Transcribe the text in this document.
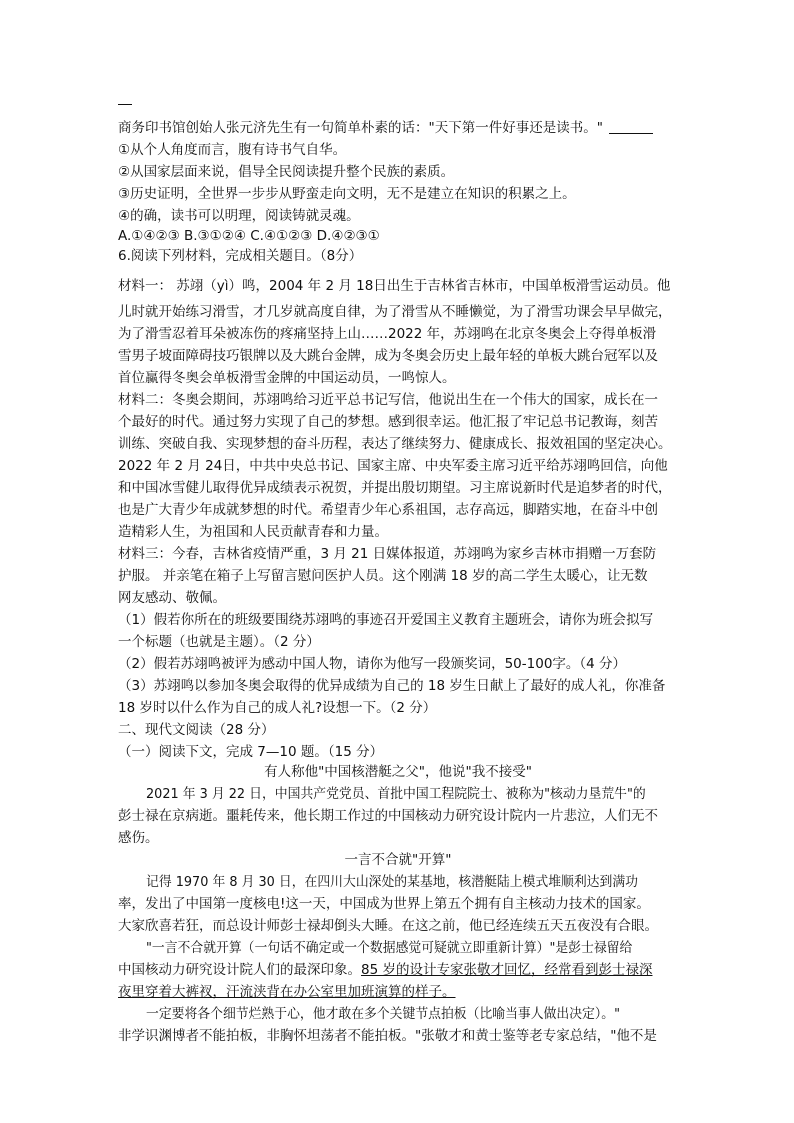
商务印书馆创始人张元济先生有一句简单朴素的话："天下第一件好事还是读书。"
①从个人角度而言，腹有诗书气自华。
②从国家层面来说，倡导全民阅读提升整个民族的素质。
③历史证明，全世界一步步从野蛮走向文明，无不是建立在知识的积累之上。
④的确，读书可以明理，阅读铸就灵魂。
A.①④②③ B.③①②④ C.④①②③ D.④②③①
6.阅读下列材料，完成相关题目。（8分）
材料一： 苏翊（yì）鸣，2004 年 2 月 18日出生于吉林省吉林市，中国单板滑雪运动员。他
儿时就开始练习滑雪，才几岁就高度自律，为了滑雪从不睡懒觉，为了滑雪功课会早早做完，
为了滑雪忍着耳朵被冻伤的疼痛坚持上山……2022 年，苏翊鸣在北京冬奥会上夺得单板滑
雪男子坡面障碍技巧银牌以及大跳台金牌，成为冬奥会历史上最年轻的单板大跳台冠军以及
首位赢得冬奥会单板滑雪金牌的中国运动员，一鸣惊人。
材料二：冬奥会期间，苏翊鸣给习近平总书记写信，他说出生在一个伟大的国家，成长在一
个最好的时代。通过努力实现了自己的梦想。感到很幸运。他汇报了牢记总书记教诲，刻苦
训练、突破自我、实现梦想的奋斗历程，表达了继续努力、健康成长、报效祖国的坚定决心。
2022 年 2 月 24日，中共中央总书记、国家主席、中央军委主席习近平给苏翊鸣回信，向他
和中国冰雪健儿取得优异成绩表示祝贺，并提出殷切期望。习主席说新时代是追梦者的时代，
也是广大青少年成就梦想的时代。希望青少年心系祖国，志存高远，脚踏实地，在奋斗中创
造精彩人生，为祖国和人民贡献青春和力量。
材料三：今春，吉林省疫情严重，3 月 21 日媒体报道，苏翊鸣为家乡吉林市捐赠一万套防
护服。 并亲笔在箱子上写留言慰问医护人员。这个刚满 18 岁的高二学生太暖心，让无数
网友感动、敬佩。
（1）假若你所在的班级要围绕苏翊鸣的事迹召开爱国主义教育主题班会，请你为班会拟写
一个标题（也就是主题）。（2 分）
（2）假若苏翊鸣被评为感动中国人物，请你为他写一段颁奖词，50-100字。（4 分）
（3）苏翊鸣以参加冬奥会取得的优异成绩为自己的 18 岁生日献上了最好的成人礼，你准备
18 岁时以什么作为自己的成人礼?设想一下。（2 分）
二、现代文阅读（28 分）
（一）阅读下文，完成 7—10 题。（15 分）
有人称他"中国核潜艇之父"，他说"我不接受"
2021 年 3 月 22 日，中国共产党党员、首批中国工程院院士、被称为"核动力垦荒牛"的
彭士禄在京病逝。噩耗传来，他长期工作过的中国核动力研究设计院内一片悲泣，人们无不
感伤。
一言不合就"开算"
记得 1970 年 8 月 30 日，在四川大山深处的某基地，核潜艇陆上模式堆顺利达到满功
率，发出了中国第一度核电!这一天，中国成为世界上第五个拥有自主核动力技术的国家。
大家欣喜若狂，而总设计师彭士禄却倒头大睡。在这之前，他已经连续五天五夜没有合眼。
"一言不合就开算（一句话不确定或一个数据感觉可疑就立即重新计算）"是彭士禄留给
中国核动力研究设计院人们的最深印象。85 岁的设计专家张敬才回忆，经常看到彭士禄深
夜里穿着大裤衩，汗流浃背在办公室里加班演算的样子。
一定要将各个细节烂熟于心，他才敢在多个关键节点拍板（比喻当事人做出决定）。"
非学识渊博者不能拍板，非胸怀坦荡者不能拍板。"张敬才和黄士鉴等老专家总结，"他不是
